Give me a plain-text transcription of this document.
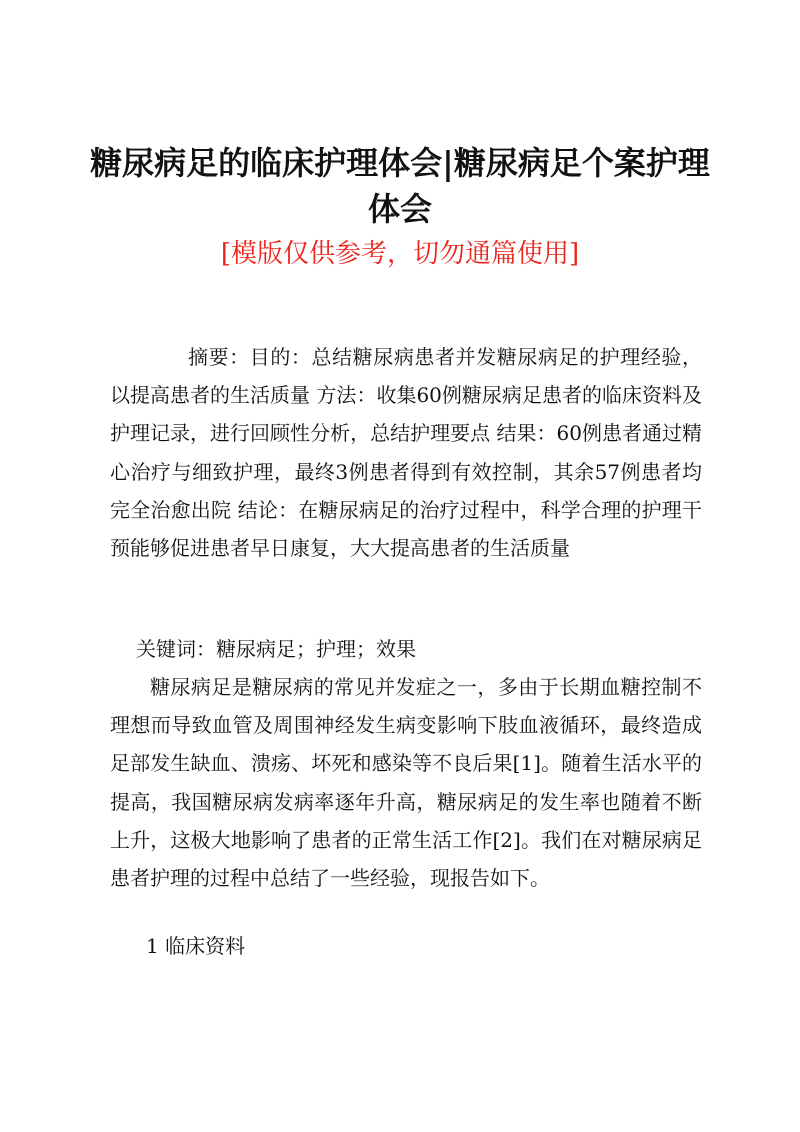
糖尿病足的临床护理体会|糖尿病足个案护理体会

[模版仅供参考，切勿通篇使用]

摘要：目的：总结糖尿病患者并发糖尿病足的护理经验，以提高患者的生活质量 方法：收集60例糖尿病足患者的临床资料及护理记录，进行回顾性分析，总结护理要点 结果：60例患者通过精心治疗与细致护理，最终3例患者得到有效控制，其余57例患者均完全治愈出院 结论：在糖尿病足的治疗过程中，科学合理的护理干预能够促进患者早日康复，大大提高患者的生活质量

关键词：糖尿病足；护理；效果

糖尿病足是糖尿病的常见并发症之一，多由于长期血糖控制不理想而导致血管及周围神经发生病变影响下肢血液循环，最终造成足部发生缺血、溃疡、坏死和感染等不良后果[1]。随着生活水平的提高，我国糖尿病发病率逐年升高，糖尿病足的发生率也随着不断上升，这极大地影响了患者的正常生活工作[2]。我们在对糖尿病足患者护理的过程中总结了一些经验，现报告如下。

1 临床资料
